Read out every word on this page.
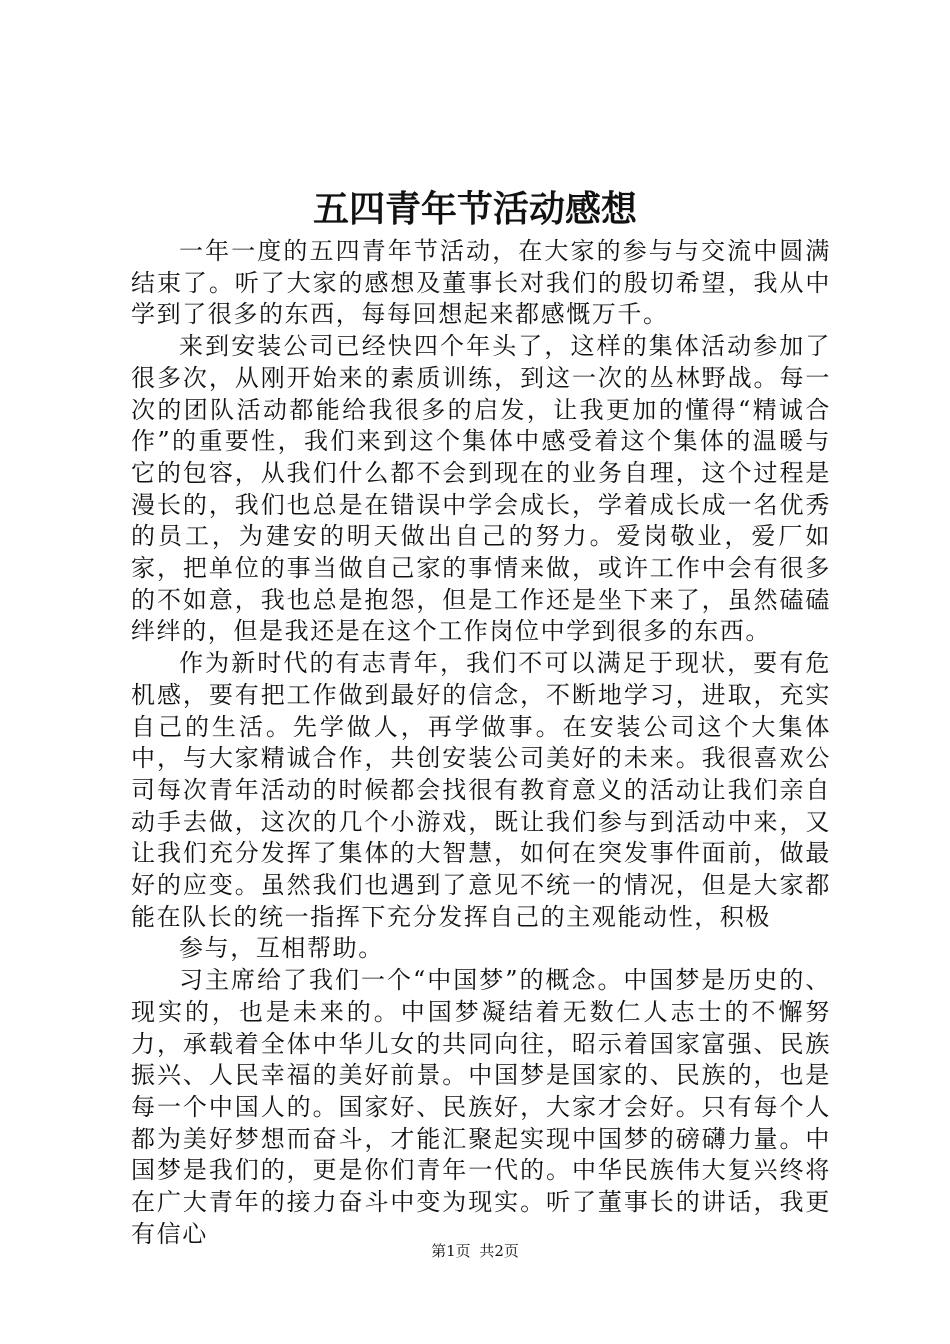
五四青年节活动感想

一年一度的五四青年节活动，在大家的参与与交流中圆满结束了。听了大家的感想及董事长对我们的殷切希望，我从中学到了很多的东西，每每回想起来都感慨万千。

来到安装公司已经快四个年头了，这样的集体活动参加了很多次，从刚开始来的素质训练，到这一次的丛林野战。每一次的团队活动都能给我很多的启发，让我更加的懂得“精诚合作”的重要性，我们来到这个集体中感受着这个集体的温暖与它的包容，从我们什么都不会到现在的业务自理，这个过程是漫长的，我们也总是在错误中学会成长，学着成长成一名优秀的员工，为建安的明天做出自己的努力。爱岗敬业，爱厂如家，把单位的事当做自己家的事情来做，或许工作中会有很多的不如意，我也总是抱怨，但是工作还是坐下来了，虽然磕磕绊绊的，但是我还是在这个工作岗位中学到很多的东西。

作为新时代的有志青年，我们不可以满足于现状，要有危机感，要有把工作做到最好的信念，不断地学习，进取，充实自己的生活。先学做人，再学做事。在安装公司这个大集体中，与大家精诚合作，共创安装公司美好的未来。我很喜欢公司每次青年活动的时候都会找很有教育意义的活动让我们亲自动手去做，这次的几个小游戏，既让我们参与到活动中来，又让我们充分发挥了集体的大智慧，如何在突发事件面前，做最好的应变。虽然我们也遇到了意见不统一的情况，但是大家都能在队长的统一指挥下充分发挥自己的主观能动性，积极

参与，互相帮助。

习主席给了我们一个“中国梦”的概念。中国梦是历史的、现实的，也是未来的。中国梦凝结着无数仁人志士的不懈努力，承载着全体中华儿女的共同向往，昭示着国家富强、民族振兴、人民幸福的美好前景。中国梦是国家的、民族的，也是每一个中国人的。国家好、民族好，大家才会好。只有每个人都为美好梦想而奋斗，才能汇聚起实现中国梦的磅礴力量。中国梦是我们的，更是你们青年一代的。中华民族伟大复兴终将在广大青年的接力奋斗中变为现实。听了董事长的讲话，我更有信心

第1页 共2页
